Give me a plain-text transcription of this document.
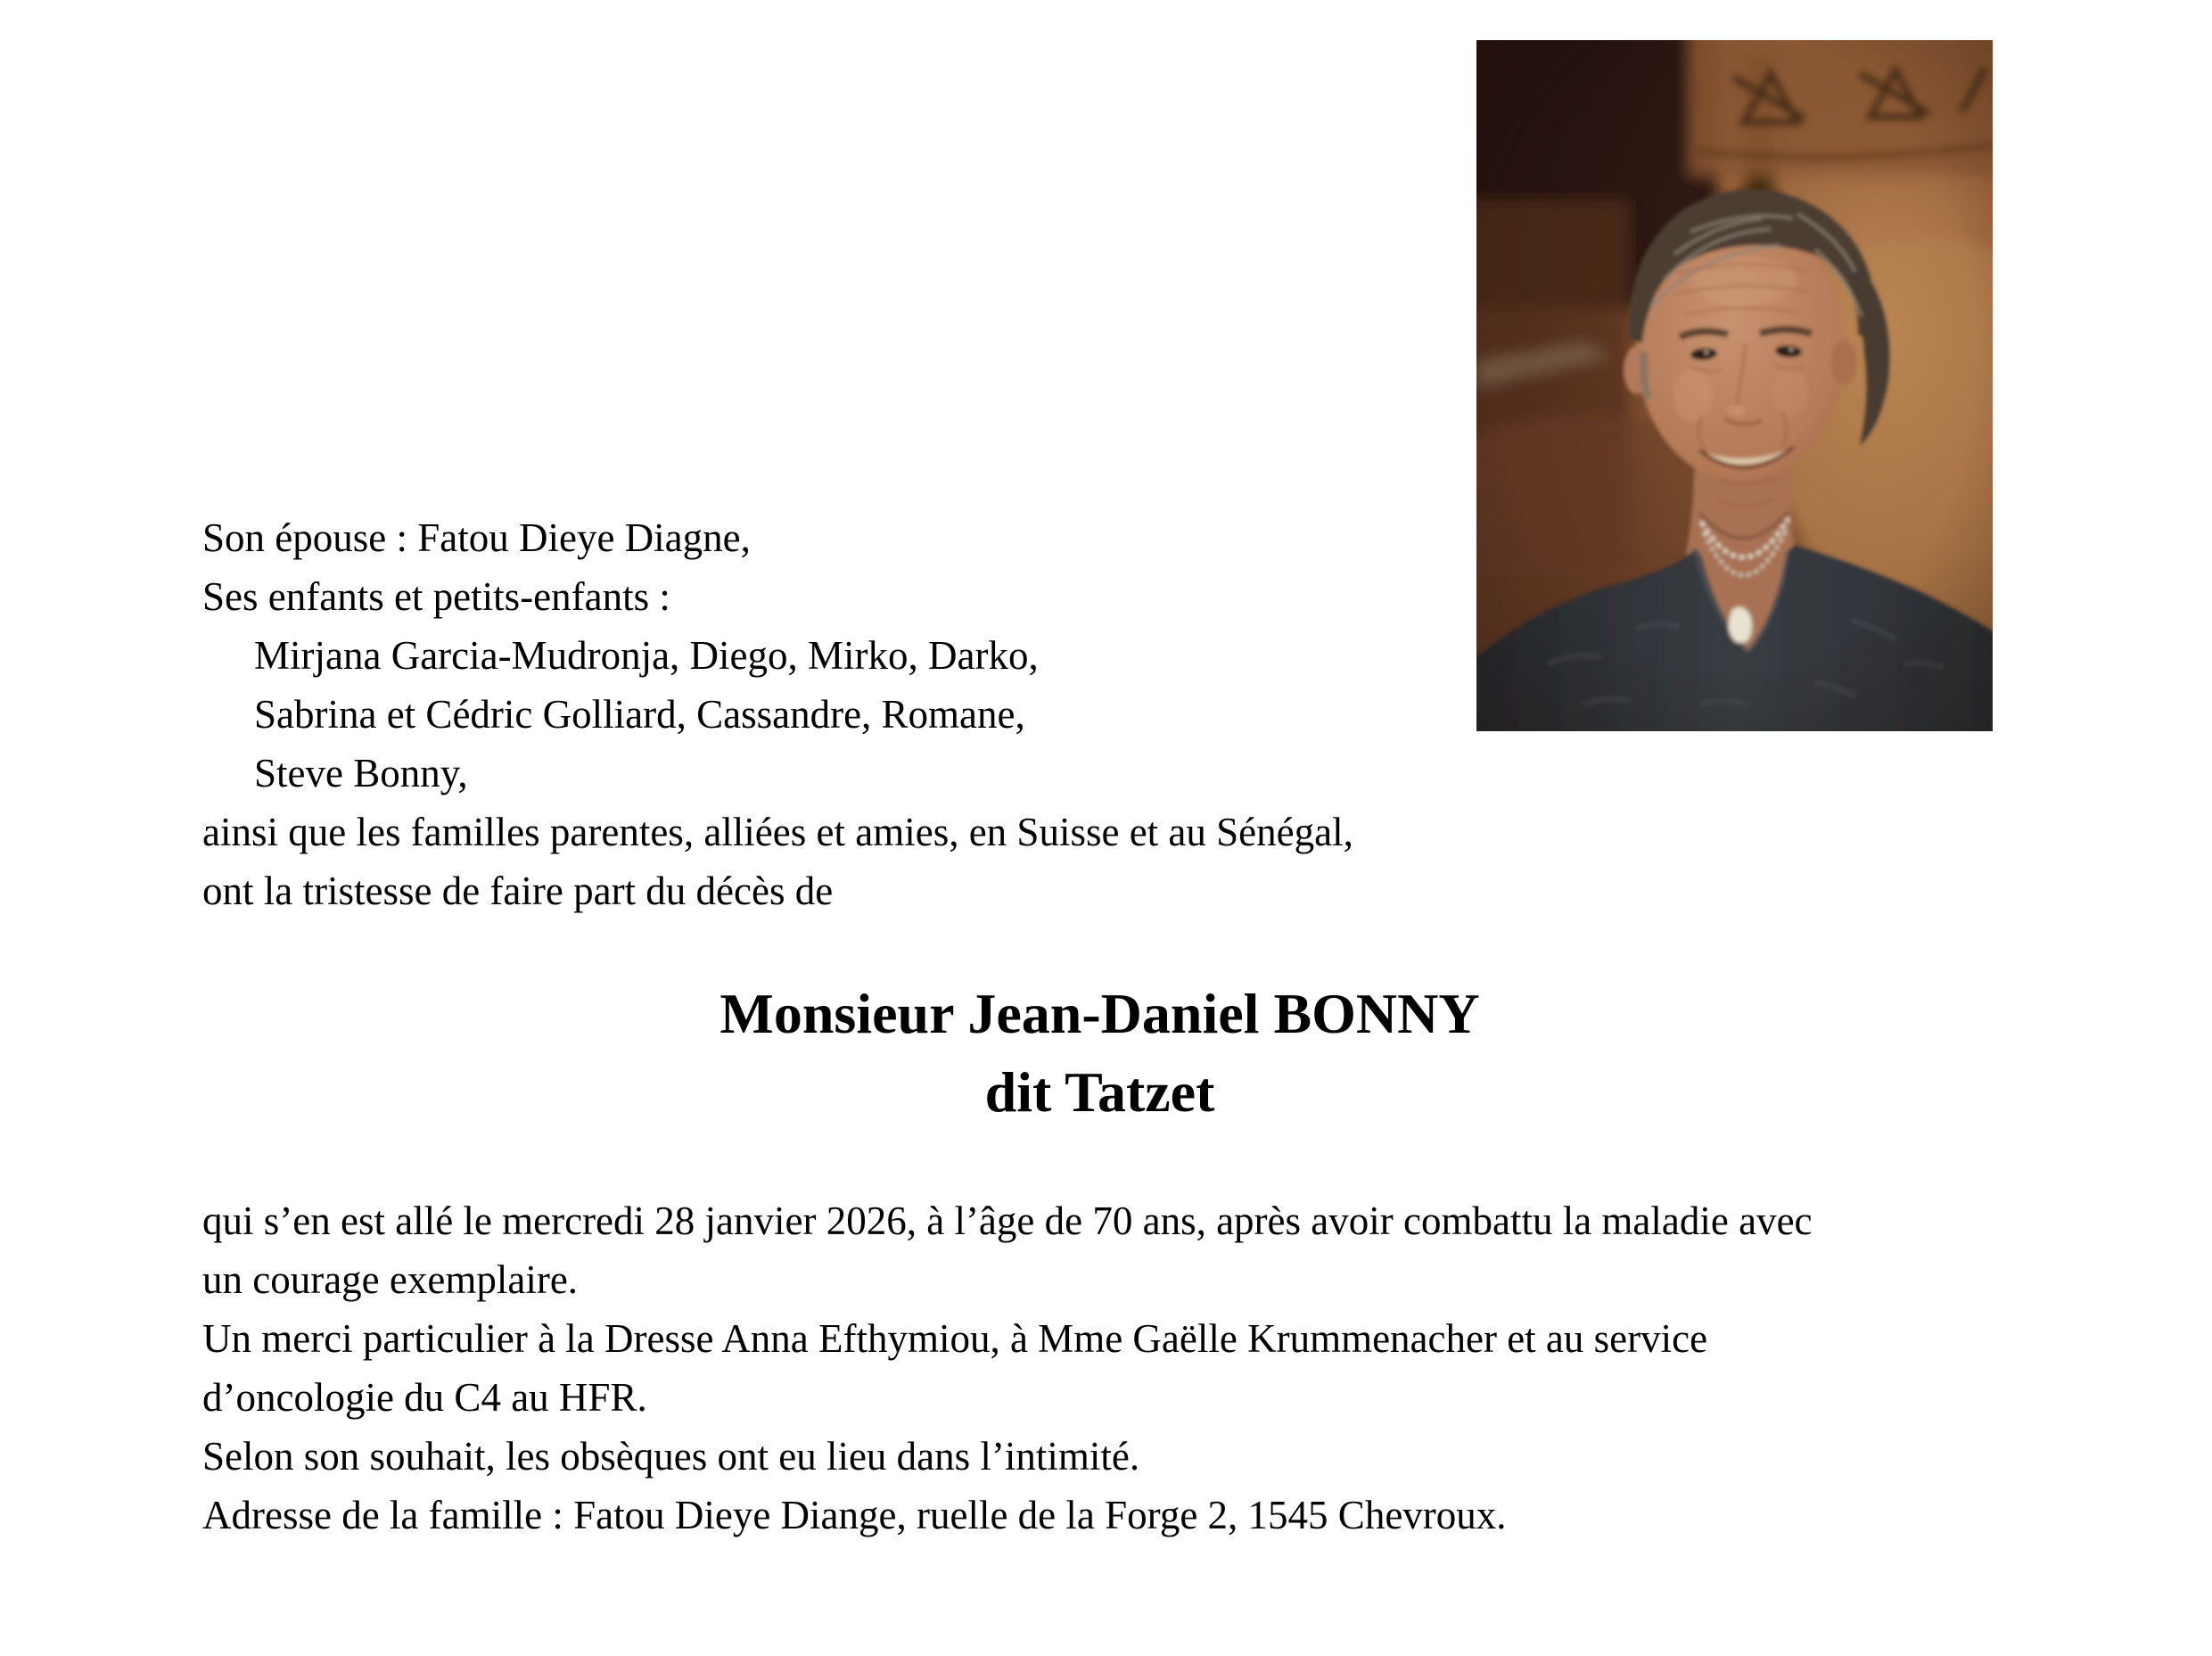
Son épouse : Fatou Dieye Diagne,
Ses enfants et petits-enfants :
Mirjana Garcia-Mudronja, Diego, Mirko, Darko,
Sabrina et Cédric Golliard, Cassandre, Romane,
Steve Bonny,
ainsi que les familles parentes, alliées et amies, en Suisse et au Sénégal,
ont la tristesse de faire part du décès de
Monsieur Jean-Daniel BONNY
dit Tatzet
qui s’en est allé le mercredi 28 janvier 2026, à l’âge de 70 ans, après avoir combattu la maladie avec
un courage exemplaire.
Un merci particulier à la Dresse Anna Efthymiou, à Mme Gaëlle Krummenacher et au service
d’oncologie du C4 au HFR.
Selon son souhait, les obsèques ont eu lieu dans l’intimité.
Adresse de la famille : Fatou Dieye Diange, ruelle de la Forge 2, 1545 Chevroux.
